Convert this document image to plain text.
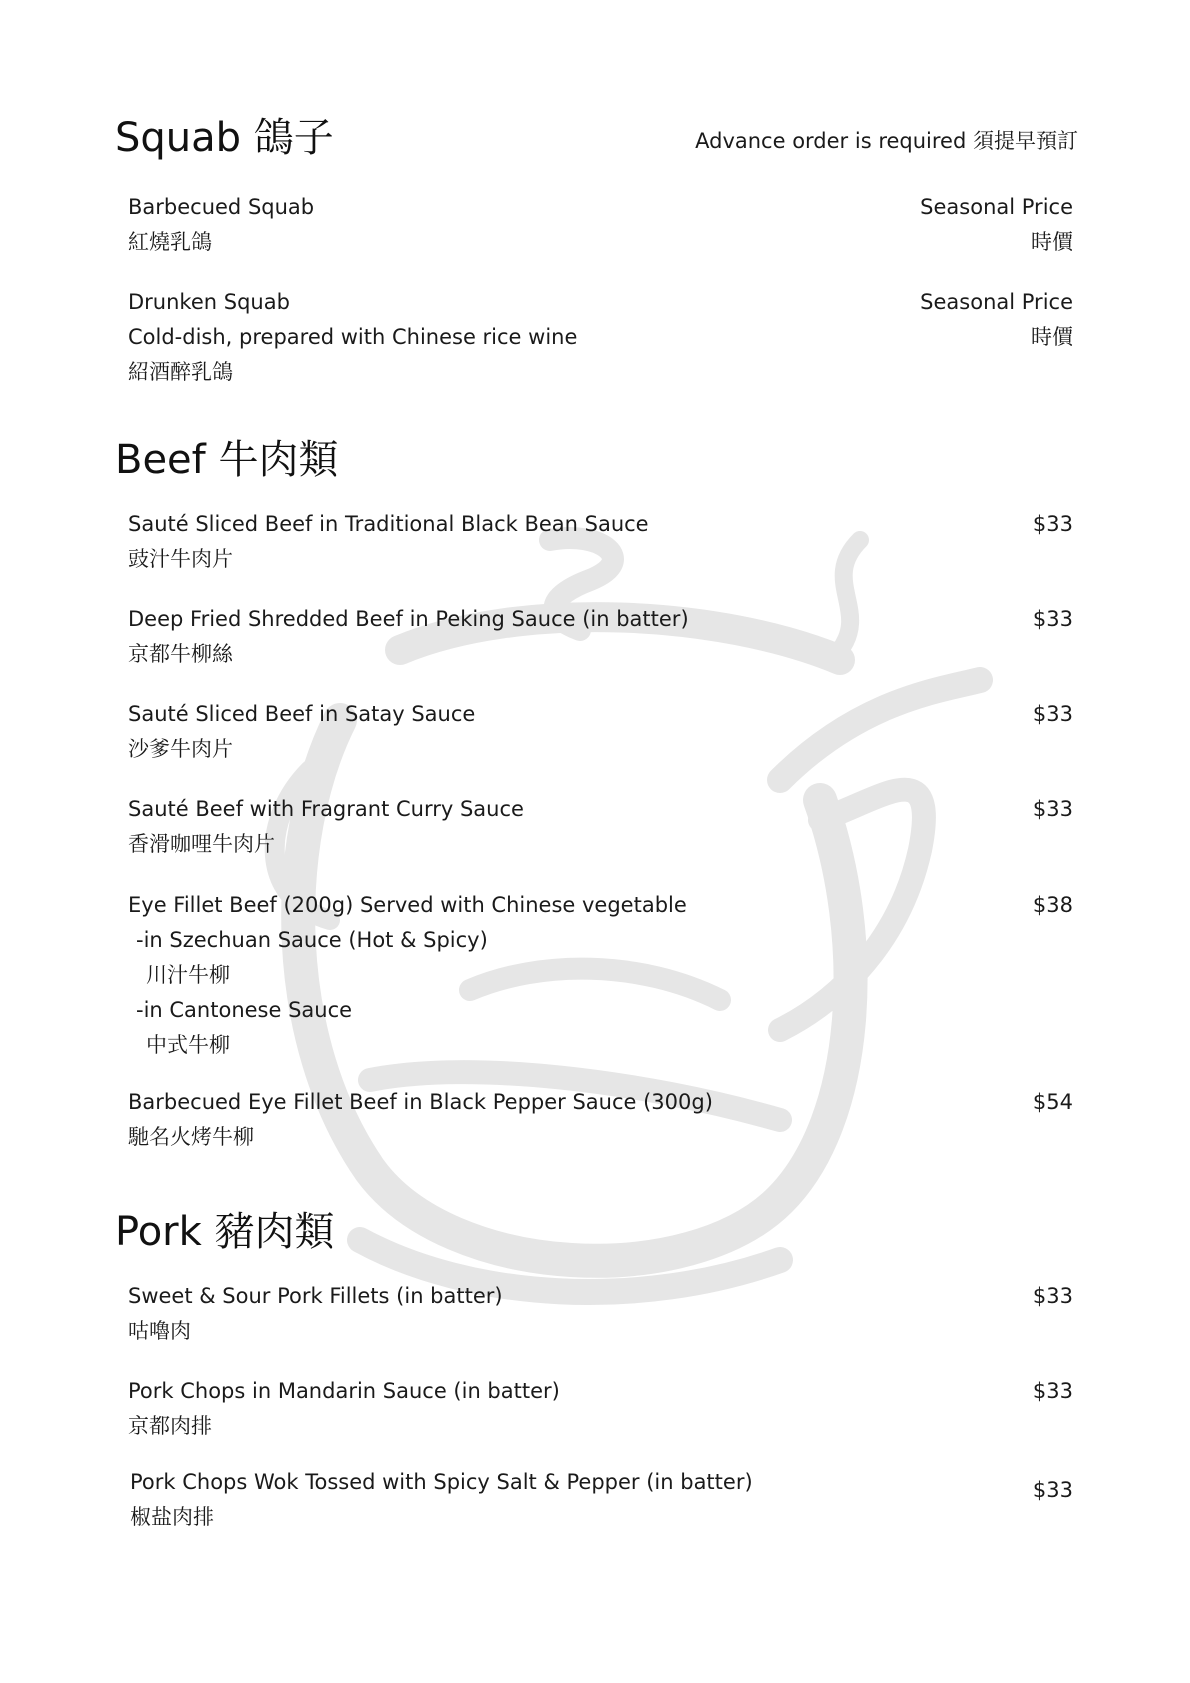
Squab 鴿子	Advance order is required 須提早預訂
Barbecued Squab
紅燒乳鴿
Seasonal Price
時價
Drunken Squab
Cold-dish, prepared with Chinese rice wine
紹酒醉乳鴿
Seasonal Price
時價
Beef 牛肉類
Sauté Sliced Beef in Traditional Black Bean Sauce
豉汁牛肉片
$33
Deep Fried Shredded Beef in Peking Sauce (in batter)
京都牛柳絲
$33
Sauté Sliced Beef in Satay Sauce
沙爹牛肉片
$33
Sauté Beef with Fragrant Curry Sauce
香滑咖哩牛肉片
$33
Eye Fillet Beef (200g) Served with Chinese vegetable
-in Szechuan Sauce (Hot & Spicy)
川汁牛柳
-in Cantonese Sauce
中式牛柳
$38
Barbecued Eye Fillet Beef in Black Pepper Sauce (300g)
馳名火烤牛柳
$54
Pork 豬肉類
Sweet & Sour Pork Fillets (in batter)
咕嚕肉
$33
Pork Chops in Mandarin Sauce (in batter)
京都肉排
$33
Pork Chops Wok Tossed with Spicy Salt & Pepper (in batter)
椒盐肉排
$33
